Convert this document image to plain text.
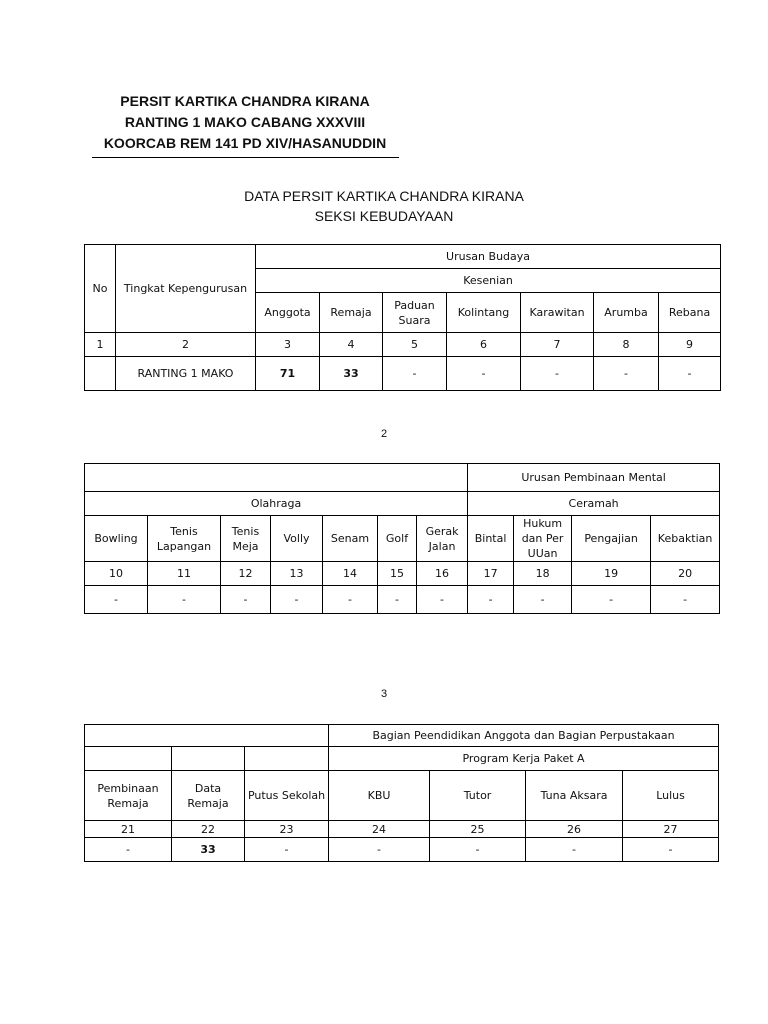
PERSIT KARTIKA CHANDRA KIRANA
RANTING 1 MAKO CABANG XXXVIII
KOORCAB REM 141 PD XIV/HASANUDDIN
DATA PERSIT KARTIKA CHANDRA KIRANA
SEKSI KEBUDAYAAN
No	Tingkat Kepengurusan	Urusan Budaya						
		Kesenian						
		Anggota	Remaja	Paduan Suara	Kolintang	Karawitan	Arumba	Rebana
1	2	3	4	5	6	7	8	9
	RANTING 1 MAKO	71	33	-	-	-	-	-
2
							Urusan Pembinaan Mental			
Olahraga							Ceramah			
Bowling	Tenis Lapangan	Tenis Meja	Volly	Senam	Golf	Gerak Jalan	Bintal	Hukum dan Per UUan	Pengajian	Kebaktian
10	11	12	13	14	15	16	17	18	19	20
-	-	-	-	-	-	-	-	-	-	-
3
			Bagian Peendidikan Anggota dan Bagian Perpustakaan			
			Program Kerja Paket A			
Pembinaan Remaja	Data Remaja	Putus Sekolah	KBU	Tutor	Tuna Aksara	Lulus
21	22	23	24	25	26	27
-	33	-	-	-	-	-
